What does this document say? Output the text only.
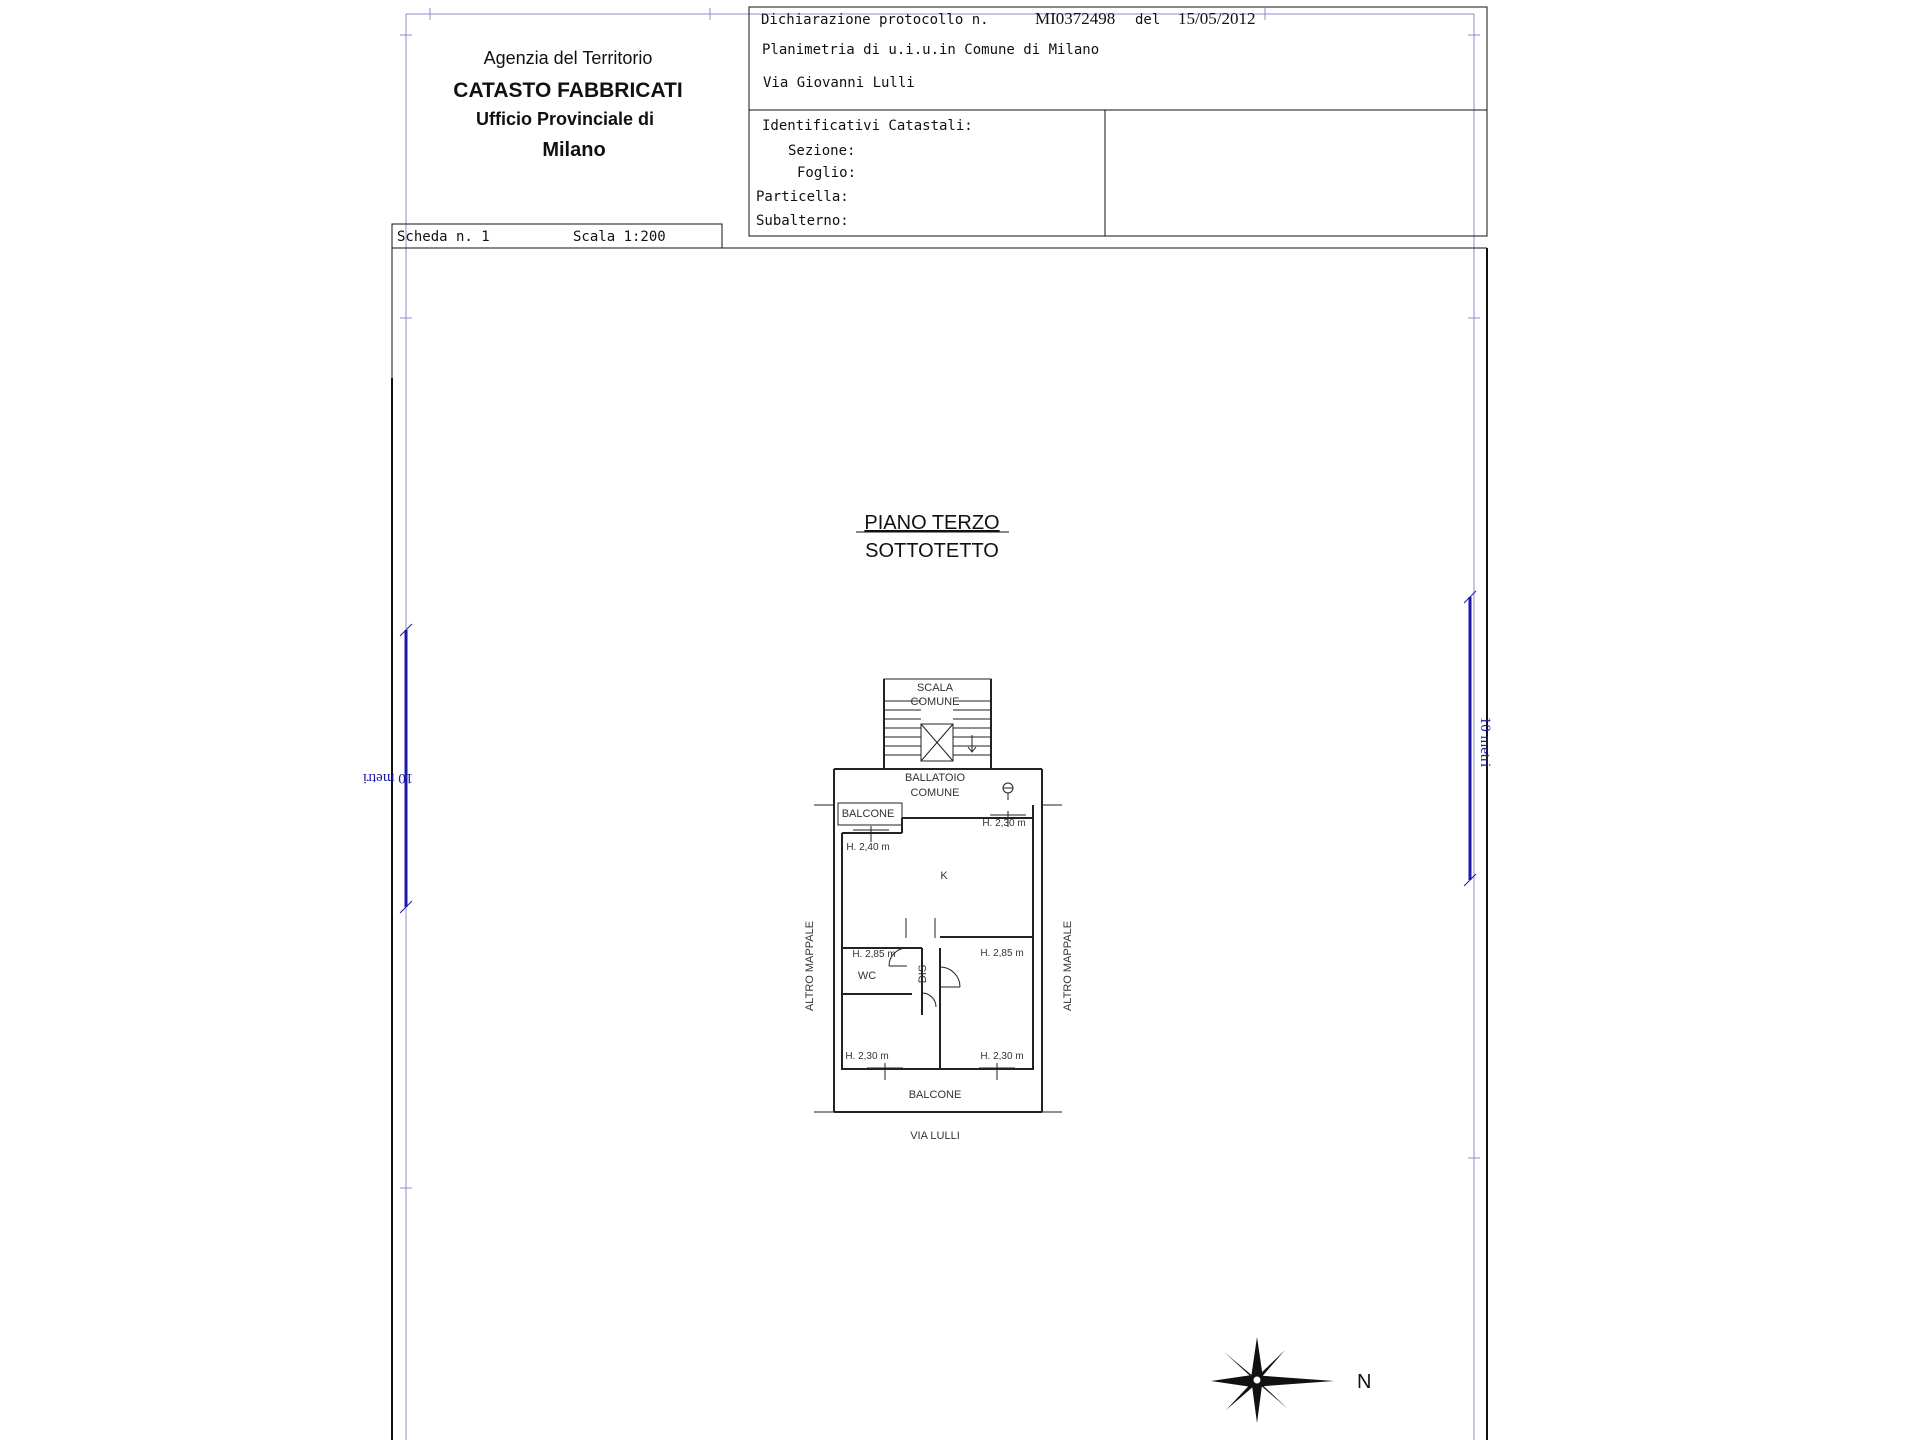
Agenzia del Territorio
CATASTO FABBRICATI
Ufficio Provinciale di
Milano
Dichiarazione protocollo n.	MI0372498 del 15/05/2012
Planimetria di u.i.u.in Comune di Milano
Via Giovanni Lulli
Identificativi Catastali:
Sezione:
Foglio:
Particella:
Subalterno:
Scheda n. 1	Scala 1:200
PIANO TERZO
SOTTOTETTO
10 metri
10 metri
SCALA
COMUNE
BALLATOIO
COMUNE
BALCONE
H. 2,40 m
H. 2,30 m
K
H. 2,85 m
WC	DIS
H. 2,85 m
H. 2,30 m	H. 2,30 m
BALCONE
VIA LULLI
ALTRO MAPPALE	ALTRO MAPPALE
N
